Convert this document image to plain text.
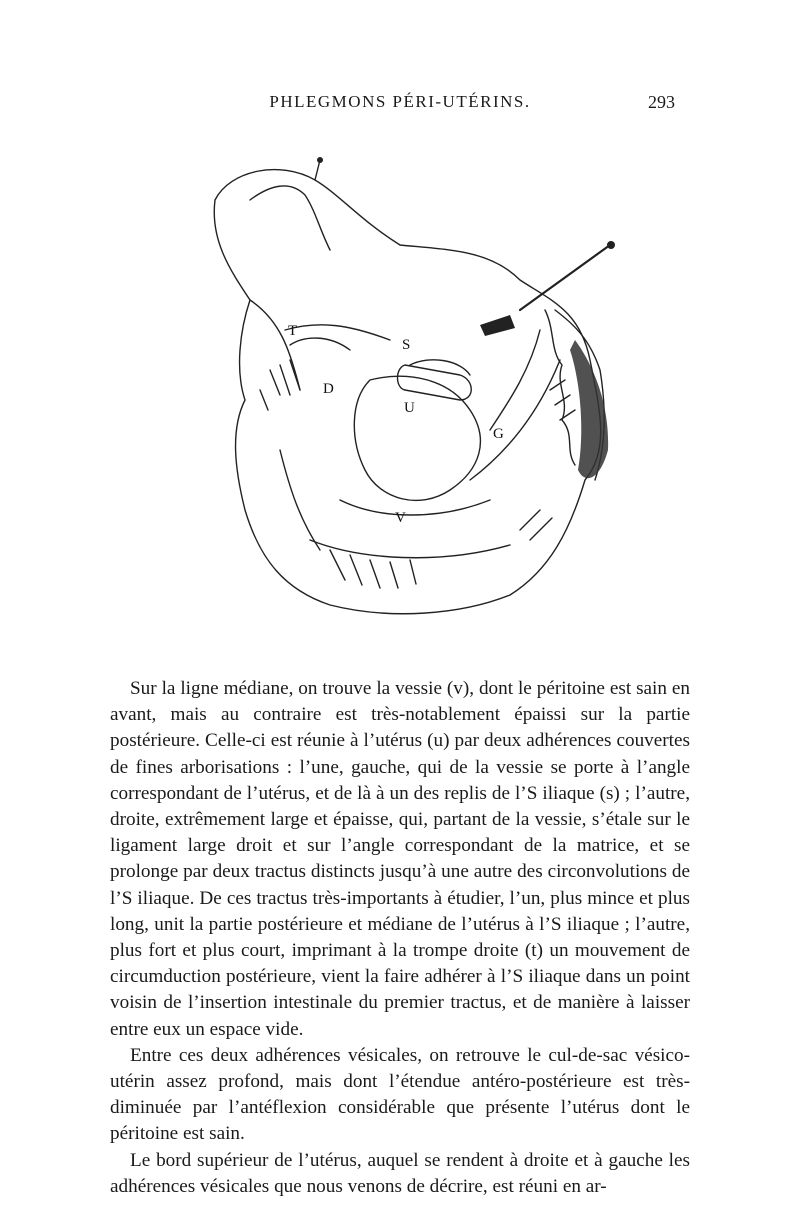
PHLEGMONS PÉRI-UTÉRINS.	293
T
S
D
U
G
V

Sur la ligne médiane, on trouve la vessie (v), dont le péritoine est sain en avant, mais au contraire est très-notablement épaissi sur la partie postérieure. Celle-ci est réunie à l’utérus (u) par deux adhérences couvertes de fines arborisations : l’une, gauche, qui de la vessie se porte à l’angle correspondant de l’utérus, et de là à un des replis de l’S iliaque (s) ; l’autre, droite, extrêmement large et épaisse, qui, partant de la vessie, s’étale sur le ligament large droit et sur l’angle correspondant de la matrice, et se prolonge par deux tractus distincts jusqu’à une autre des circonvolutions de l’S iliaque. De ces tractus très-importants à étudier, l’un, plus mince et plus long, unit la partie postérieure et médiane de l’utérus à l’S iliaque ; l’autre, plus fort et plus court, imprimant à la trompe droite (t) un mouvement de circumduction postérieure, vient la faire adhérer à l’S iliaque dans un point voisin de l’insertion intestinale du premier tractus, et de manière à laisser entre eux un espace vide.

Entre ces deux adhérences vésicales, on retrouve le cul-de-sac vésico-utérin assez profond, mais dont l’étendue antéro-postérieure est très-diminuée par l’antéflexion considérable que présente l’utérus dont le péritoine est sain.

Le bord supérieur de l’utérus, auquel se rendent à droite et à gauche les adhérences vésicales que nous venons de décrire, est réuni en ar-
